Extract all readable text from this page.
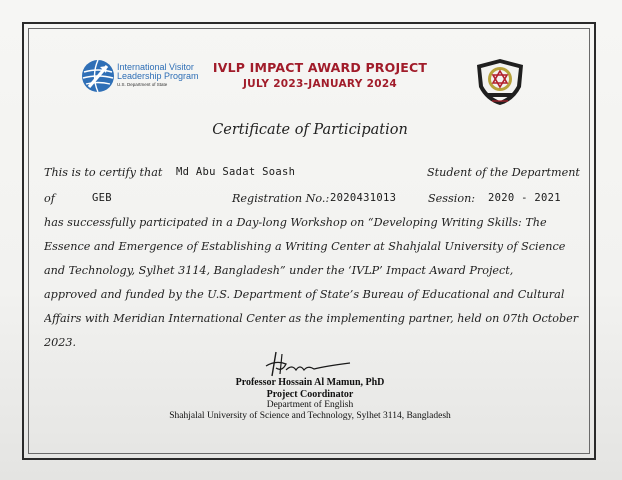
International Visitor
Leadership Program
U.S. Department of State
IVLP IMPACT AWARD PROJECT
JULY 2023-JANUARY 2024
Certificate of Participation
This is to certify that Md Abu Sadat Soash	Student of the Department
of	GEB	Registration No.: 2020431013	Session: 2020 - 2021
has successfully participated in a Day-long Workshop on “Developing Writing Skills: The
Essence and Emergence of Establishing a Writing Center at Shahjalal University of Science
and Technology, Sylhet 3114, Bangladesh” under the ‘IVLP’ Impact Award Project,
approved and funded by the U.S. Department of State’s Bureau of Educational and Cultural
Affairs with Meridian International Center as the implementing partner, held on 07th October
2023.
Professor Hossain Al Mamun, PhD
Project Coordinator
Department of English
Shahjalal University of Science and Technology, Sylhet 3114, Bangladesh
